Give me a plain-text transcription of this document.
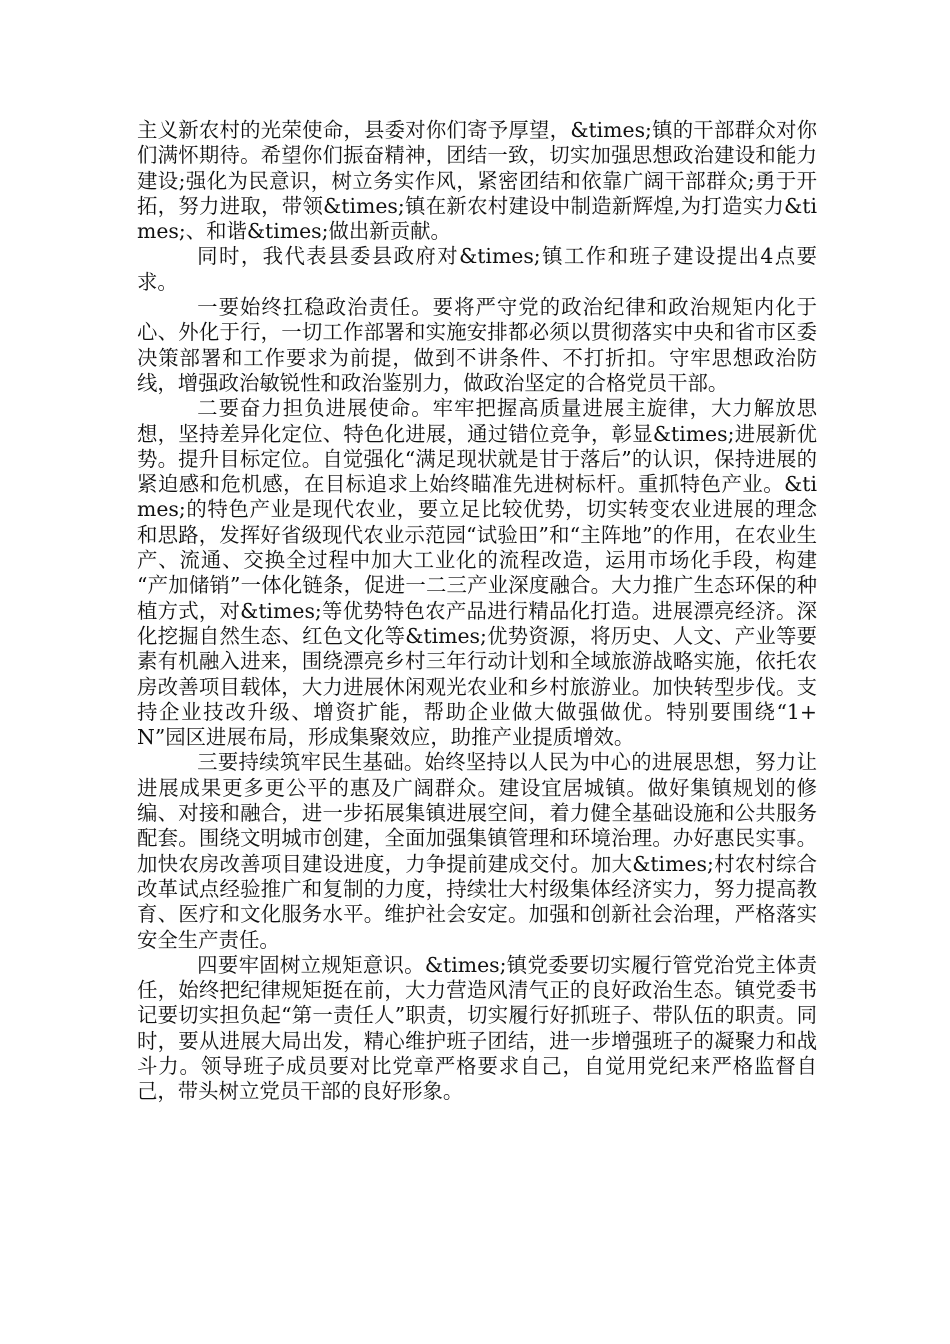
主义新农村的光荣使命，县委对你们寄予厚望，&times;镇的干部群众对你们满怀期待。希望你们振奋精神，团结一致，切实加强思想政治建设和能力建设;强化为民意识，树立务实作风，紧密团结和依靠广阔干部群众;勇于开拓，努力进取，带领&times;镇在新农村建设中制造新辉煌,为打造实力&times;、和谐&times;做出新贡献。

同时，我代表县委县政府对&times;镇工作和班子建设提出4点要求。

一要始终扛稳政治责任。要将严守党的政治纪律和政治规矩内化于心、外化于行，一切工作部署和实施安排都必须以贯彻落实中央和省市区委决策部署和工作要求为前提，做到不讲条件、不打折扣。守牢思想政治防线，增强政治敏锐性和政治鉴别力，做政治坚定的合格党员干部。

二要奋力担负进展使命。牢牢把握高质量进展主旋律，大力解放思想，坚持差异化定位、特色化进展，通过错位竞争，彰显&times;进展新优势。提升目标定位。自觉强化“满足现状就是甘于落后”的认识，保持进展的紧迫感和危机感，在目标追求上始终瞄准先进树标杆。重抓特色产业。&times;的特色产业是现代农业，要立足比较优势，切实转变农业进展的理念和思路，发挥好省级现代农业示范园“试验田”和“主阵地”的作用，在农业生产、流通、交换全过程中加大工业化的流程改造，运用市场化手段，构建 “产加储销”一体化链条，促进一二三产业深度融合。大力推广生态环保的种植方式，对&times;等优势特色农产品进行精品化打造。进展漂亮经济。深化挖掘自然生态、红色文化等&times;优势资源，将历史、人文、产业等要素有机融入进来，围绕漂亮乡村三年行动计划和全域旅游战略实施，依托农房改善项目载体，大力进展休闲观光农业和乡村旅游业。加快转型步伐。支持企业技改升级、增资扩能，帮助企业做大做强做优。特别要围绕“1+N”园区进展布局，形成集聚效应，助推产业提质增效。

三要持续筑牢民生基础。始终坚持以人民为中心的进展思想，努力让进展成果更多更公平的惠及广阔群众。建设宜居城镇。做好集镇规划的修编、对接和融合，进一步拓展集镇进展空间，着力健全基础设施和公共服务配套。围绕文明城市创建，全面加强集镇管理和环境治理。办好惠民实事。加快农房改善项目建设进度，力争提前建成交付。加大&times;村农村综合改革试点经验推广和复制的力度，持续壮大村级集体经济实力，努力提高教育、医疗和文化服务水平。维护社会安定。加强和创新社会治理，严格落实安全生产责任。

四要牢固树立规矩意识。&times;镇党委要切实履行管党治党主体责任，始终把纪律规矩挺在前，大力营造风清气正的良好政治生态。镇党委书记要切实担负起“第一责任人”职责，切实履行好抓班子、带队伍的职责。同时，要从进展大局出发，精心维护班子团结，进一步增强班子的凝聚力和战斗力。领导班子成员要对比党章严格要求自己，自觉用党纪来严格监督自己，带头树立党员干部的良好形象。
